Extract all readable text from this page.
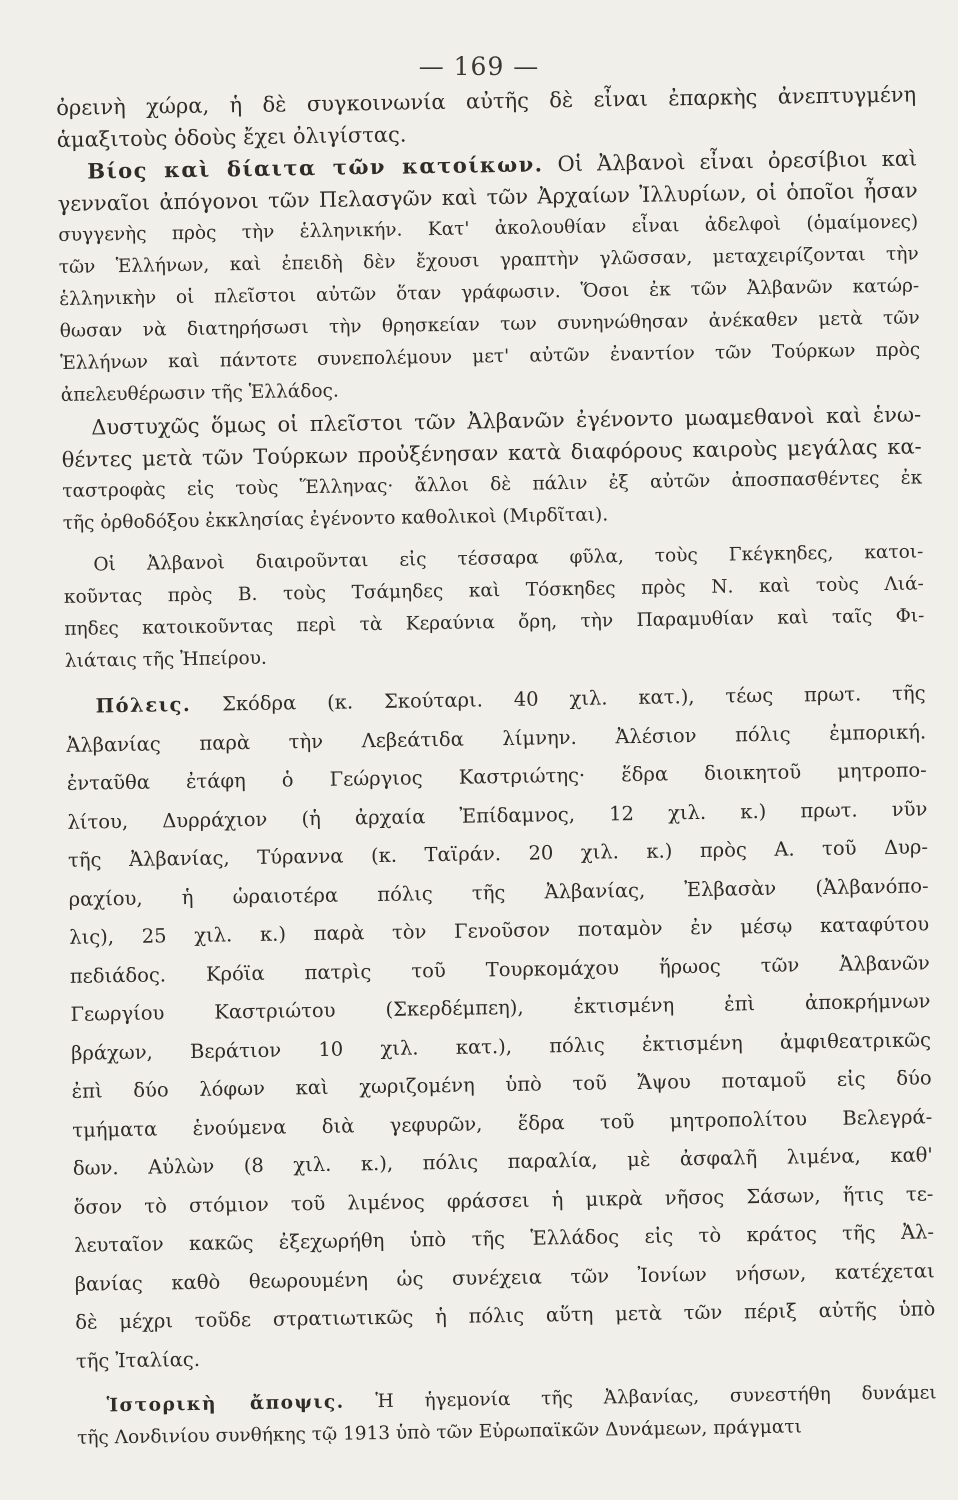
— 169 —
ὀρεινὴ χώρα, ἡ δὲ συγκοινωνία αὐτῆς δὲ εἶναι ἐπαρκὴς ἀνεπτυγμένη
ἁμαξιτοὺς ὁδοὺς ἔχει ὀλιγίστας.
Βίος καὶ δίαιτα τῶν κατοίκων. Οἱ Ἀλβανοὶ εἶναι ὀρεσίβιοι καὶ
γενναῖοι ἀπόγονοι τῶν Πελασγῶν καὶ τῶν Ἀρχαίων Ἰλλυρίων, οἱ ὁποῖοι ἦσαν
συγγενὴς πρὸς τὴν ἑλληνικήν. Κατ' ἀκολουθίαν εἶναι ἀδελφοὶ (ὁμαίμονες)
τῶν Ἑλλήνων, καὶ ἐπειδὴ δὲν ἔχουσι γραπτὴν γλῶσσαν, μεταχειρίζονται τὴν
ἑλληνικὴν οἱ πλεῖστοι αὐτῶν ὅταν γράφωσιν. Ὅσοι ἐκ τῶν Ἀλβανῶν κατώρ-
θωσαν νὰ διατηρήσωσι τὴν θρησκείαν των συνηνώθησαν ἀνέκαθεν μετὰ τῶν
Ἑλλήνων καὶ πάντοτε συνεπολέμουν μετ' αὐτῶν ἐναντίον τῶν Τούρκων πρὸς
ἀπελευθέρωσιν τῆς Ἑλλάδος.
Δυστυχῶς ὅμως οἱ πλεῖστοι τῶν Ἀλβανῶν ἐγένοντο μωαμεθανοὶ καὶ ἑνω-
θέντες μετὰ τῶν Τούρκων προὐξένησαν κατὰ διαφόρους καιροὺς μεγάλας κα-
ταστροφὰς εἰς τοὺς Ἕλληνας· ἄλλοι δὲ πάλιν ἐξ αὐτῶν ἀποσπασθέντες ἐκ
τῆς ὀρθοδόξου ἐκκλησίας ἐγένοντο καθολικοὶ (Μιρδῖται).
Οἱ Ἀλβανοὶ διαιροῦνται εἰς τέσσαρα φῦλα, τοὺς Γκέγκηδες, κατοι-
κοῦντας πρὸς Β. τοὺς Τσάμηδες καὶ Τόσκηδες πρὸς Ν. καὶ τοὺς Λιά-
πηδες κατοικοῦντας περὶ τὰ Κεραύνια ὄρη, τὴν Παραμυθίαν καὶ ταῖς Φι-
λιάταις τῆς Ἠπείρου.
Πόλεις. Σκόδρα (κ. Σκούταρι. 40 χιλ. κατ.), τέως πρωτ. τῆς
Ἀλβανίας παρὰ τὴν Λεβεάτιδα λίμνην. Ἀλέσιον πόλις ἐμπορική.
ἐνταῦθα ἐτάφη ὁ Γεώργιος Καστριώτης· ἕδρα διοικητοῦ μητροπο-
λίτου, Δυρράχιον (ἡ ἀρχαία Ἐπίδαμνος, 12 χιλ. κ.) πρωτ. νῦν
τῆς Ἀλβανίας, Τύραννα (κ. Ταϊράν. 20 χιλ. κ.) πρὸς Α. τοῦ Δυρ-
ραχίου, ἡ ὡραιοτέρα πόλις τῆς Ἀλβανίας, Ἐλβασὰν (Ἀλβανόπο-
λις), 25 χιλ. κ.) παρὰ τὸν Γενοῦσον ποταμὸν ἐν μέσῳ καταφύτου
πεδιάδος. Κρόϊα πατρὶς τοῦ Τουρκομάχου ἥρωος τῶν Ἀλβανῶν
Γεωργίου Καστριώτου (Σκερδέμπεη), ἐκτισμένη ἐπὶ ἀποκρήμνων
βράχων, Βεράτιον 10 χιλ. κατ.), πόλις ἐκτισμένη ἀμφιθεατρικῶς
ἐπὶ δύο λόφων καὶ χωριζομένη ὑπὸ τοῦ Ἄψου ποταμοῦ εἰς δύο
τμήματα ἑνούμενα διὰ γεφυρῶν, ἕδρα τοῦ μητροπολίτου Βελεγρά-
δων. Αὐλὼν (8 χιλ. κ.), πόλις παραλία, μὲ ἀσφαλῆ λιμένα, καθ'
ὅσον τὸ στόμιον τοῦ λιμένος φράσσει ἡ μικρὰ νῆσος Σάσων, ἥτις τε-
λευταῖον κακῶς ἐξεχωρήθη ὑπὸ τῆς Ἑλλάδος εἰς τὸ κράτος τῆς Ἀλ-
βανίας καθὸ θεωρουμένη ὡς συνέχεια τῶν Ἰονίων νήσων, κατέχεται
δὲ μέχρι τοῦδε στρατιωτικῶς ἡ πόλις αὕτη μετὰ τῶν πέριξ αὐτῆς ὑπὸ
τῆς Ἰταλίας.
Ἱστορικὴ ἄποψις. Ἡ ἡγεμονία τῆς Ἀλβανίας, συνεστήθη δυνάμει
τῆς Λονδινίου συνθήκης τῷ 1913 ὑπὸ τῶν Εὐρωπαϊκῶν Δυνάμεων, πράγματι
